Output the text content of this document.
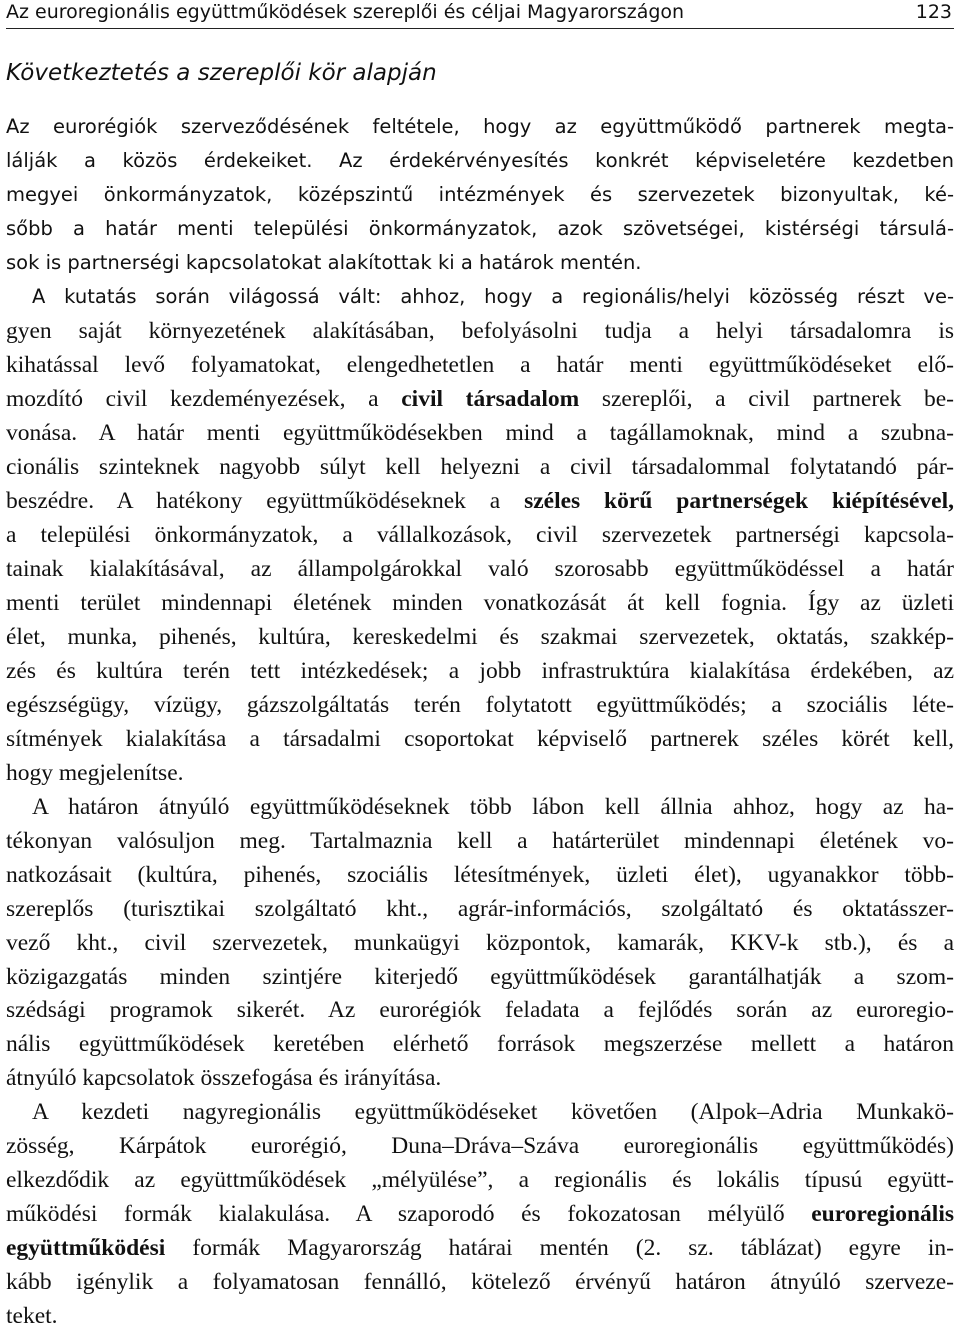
Az euroregionális együttműködések szereplői és céljai Magyarországon	123
Következtetés a szereplői kör alapján
Az eurorégiók szerveződésének feltétele, hogy az együttműködő partnerek megta-
lálják a közös érdekeiket. Az érdekérvényesítés konkrét képviseletére kezdetben
megyei önkormányzatok, középszintű intézmények és szervezetek bizonyultak, ké-
sőbb a határ menti települési önkormányzatok, azok szövetségei, kistérségi társulá-
sok is partnerségi kapcsolatokat alakítottak ki a határok mentén.
A kutatás során világossá vált: ahhoz, hogy a regionális/helyi közösség részt ve-
gyen saját környezetének alakításában, befolyásolni tudja a helyi társadalomra is
kihatással levő folyamatokat, elengedhetetlen a határ menti együttműködéseket elő-
mozdító civil kezdeményezések, a civil társadalom szereplői, a civil partnerek be-
vonása. A határ menti együttműködésekben mind a tagállamoknak, mind a szubna-
cionális szinteknek nagyobb súlyt kell helyezni a civil társadalommal folytatandó pár-
beszédre. A hatékony együttműködéseknek a széles körű partnerségek kiépítésével,
a települési önkormányzatok, a vállalkozások, civil szervezetek partnerségi kapcsola-
tainak kialakításával, az állampolgárokkal való szorosabb együttműködéssel a határ
menti terület mindennapi életének minden vonatkozását át kell fognia. Így az üzleti
élet, munka, pihenés, kultúra, kereskedelmi és szakmai szervezetek, oktatás, szakkép-
zés és kultúra terén tett intézkedések; a jobb infrastruktúra kialakítása érdekében, az
egészségügy, vízügy, gázszolgáltatás terén folytatott együttműködés; a szociális léte-
sítmények kialakítása a társadalmi csoportokat képviselő partnerek széles körét kell,
hogy megjelenítse.
A határon átnyúló együttműködéseknek több lábon kell állnia ahhoz, hogy az ha-
tékonyan valósuljon meg. Tartalmaznia kell a határterület mindennapi életének vo-
natkozásait (kultúra, pihenés, szociális létesítmények, üzleti élet), ugyanakkor több-
szereplős (turisztikai szolgáltató kht., agrár-információs, szolgáltató és oktatásszer-
vező kht., civil szervezetek, munkaügyi központok, kamarák, KKV-k stb.), és a
közigazgatás minden szintjére kiterjedő együttműködések garantálhatják a szom-
szédsági programok sikerét. Az eurorégiók feladata a fejlődés során az euroregio-
nális együttműködések keretében elérhető források megszerzése mellett a határon
átnyúló kapcsolatok összefogása és irányítása.
A kezdeti nagyregionális együttműködéseket követően (Alpok–Adria Munkakö-
zösség, Kárpátok eurorégió, Duna–Dráva–Száva euroregionális együttműködés)
elkezdődik az együttműködések „mélyülése”, a regionális és lokális típusú együtt-
működési formák kialakulása. A szaporodó és fokozatosan mélyülő euroregionális
együttműködési formák Magyarország határai mentén (2. sz. táblázat) egyre in-
kább igénylik a folyamatosan fennálló, kötelező érvényű határon átnyúló szerveze-
teket.
